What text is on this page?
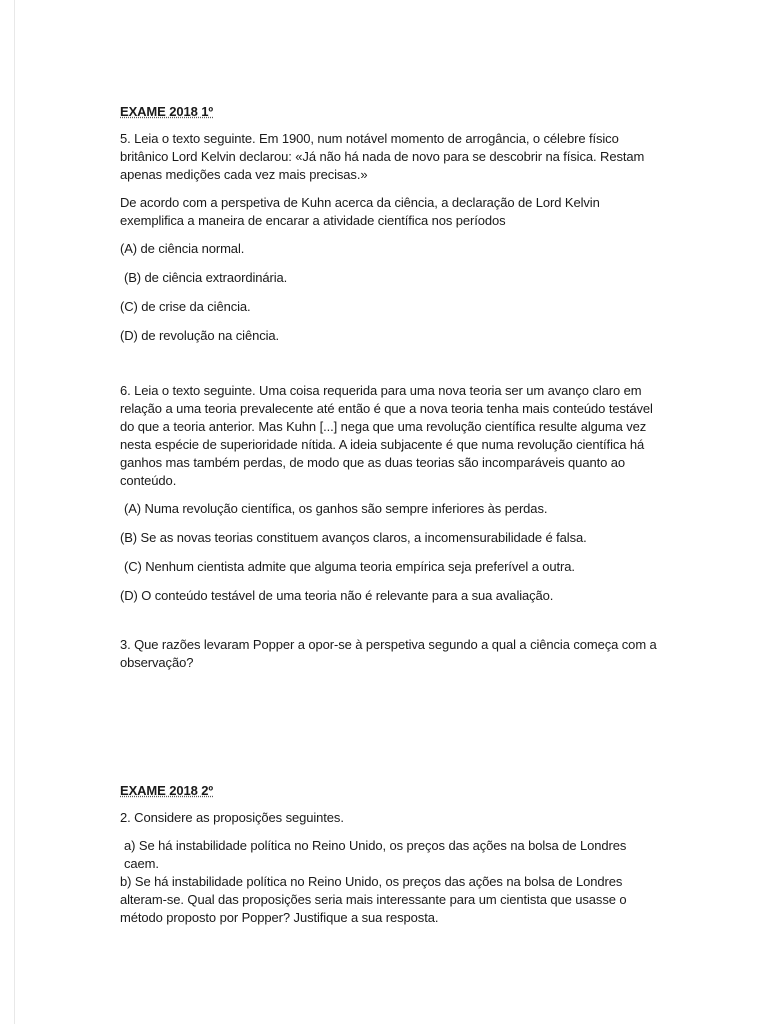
EXAME 2018 1º

5. Leia o texto seguinte. Em 1900, num notável momento de arrogância, o célebre físico britânico Lord Kelvin declarou: «Já não há nada de novo para se descobrir na física. Restam apenas medições cada vez mais precisas.»

De acordo com a perspetiva de Kuhn acerca da ciência, a declaração de Lord Kelvin exemplifica a maneira de encarar a atividade científica nos períodos

(A) de ciência normal.
(B) de ciência extraordinária.
(C) de crise da ciência.
(D) de revolução na ciência.

6. Leia o texto seguinte. Uma coisa requerida para uma nova teoria ser um avanço claro em relação a uma teoria prevalecente até então é que a nova teoria tenha mais conteúdo testável do que a teoria anterior. Mas Kuhn [...] nega que uma revolução científica resulte alguma vez nesta espécie de superioridade nítida. A ideia subjacente é que numa revolução científica há ganhos mas também perdas, de modo que as duas teorias são incomparáveis quanto ao conteúdo.

(A) Numa revolução científica, os ganhos são sempre inferiores às perdas.
(B) Se as novas teorias constituem avanços claros, a incomensurabilidade é falsa.
(C) Nenhum cientista admite que alguma teoria empírica seja preferível a outra.
(D) O conteúdo testável de uma teoria não é relevante para a sua avaliação.

3. Que razões levaram Popper a opor-se à perspetiva segundo a qual a ciência começa com a observação?

EXAME 2018 2º

2. Considere as proposições seguintes.

a) Se há instabilidade política no Reino Unido, os preços das ações na bolsa de Londres caem.
b) Se há instabilidade política no Reino Unido, os preços das ações na bolsa de Londres alteram-se. Qual das proposições seria mais interessante para um cientista que usasse o método proposto por Popper? Justifique a sua resposta.
